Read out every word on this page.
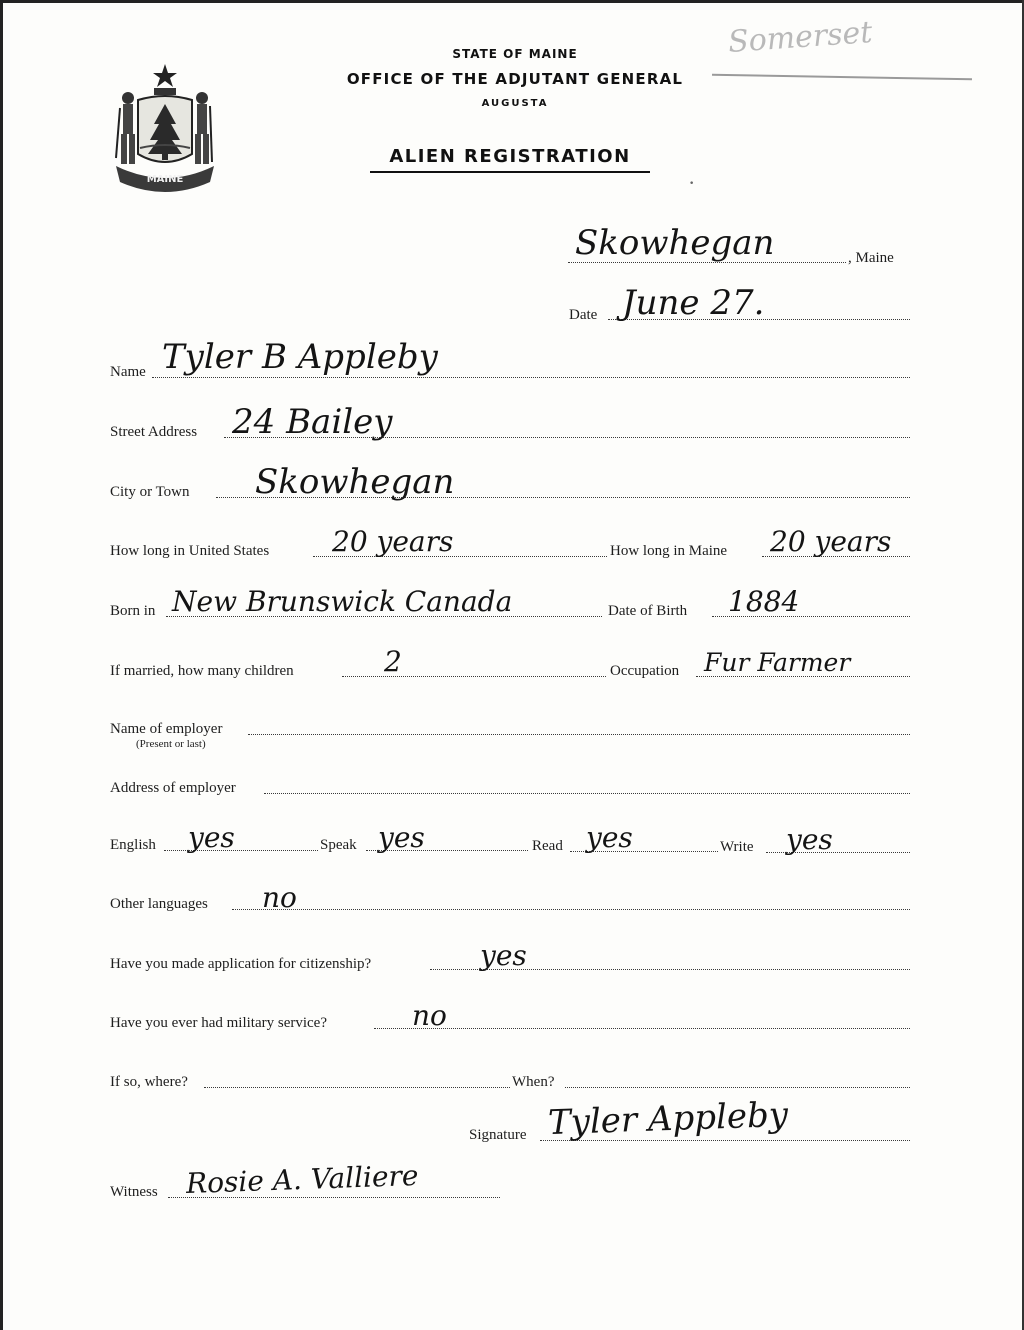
MAINE
STATE OF MAINE
OFFICE OF THE ADJUTANT GENERAL
AUGUSTA
ALIEN REGISTRATION
Somerset
·
Skowhegan	, Maine
Date June 27.
Name Tyler B Appleby
Street Address 24 Bailey
City or Town Skowhegan
How long in United States 20 years	How long in Maine 20 years
Born in New Brunswick Canada	Date of Birth 1884
If married, how many children	2	Occupation Fur Farmer
Name of employer
(Present or last)
Address of employer
English yes	Speak yes	Read yes	Write yes
Other languages no
Have you made application for citizenship?	yes
Have you ever had military service?	no
If so, where?	When?
Signature Tyler Appleby
Witness Rosie A. Valliere
